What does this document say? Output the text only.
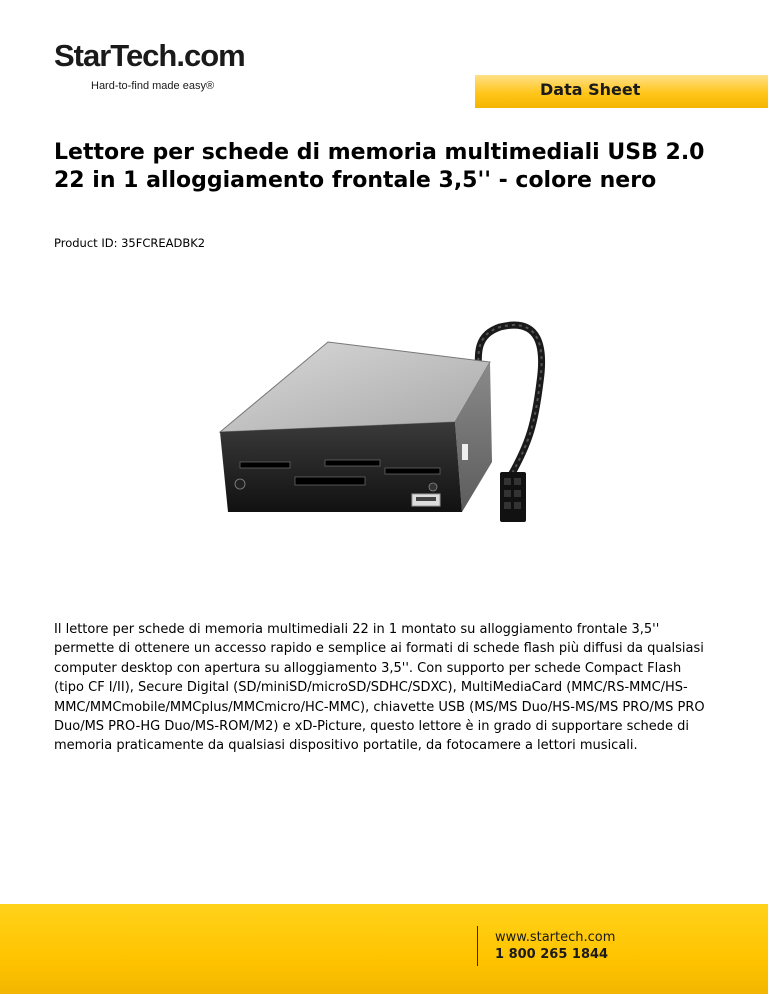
StarTech.com
Hard-to-find made easy®	Data Sheet
Lettore per schede di memoria multimediali USB 2.0 22 in 1 alloggiamento frontale 3,5'' - colore nero

Product ID: 35FCREADBK2

Il lettore per schede di memoria multimediali 22 in 1 montato su alloggiamento frontale 3,5'' permette di ottenere un accesso rapido e semplice ai formati di schede flash più diffusi da qualsiasi computer desktop con apertura su alloggiamento 3,5''. Con supporto per schede Compact Flash (tipo CF I/II), Secure Digital (SD/miniSD/microSD/SDHC/SDXC), MultiMediaCard (MMC/RS-MMC/HS-MMC/MMCmobile/MMCplus/MMCmicro/HC-MMC), chiavette USB (MS/MS Duo/HS-MS/MS PRO/MS PRO Duo/MS PRO-HG Duo/MS-ROM/M2) e xD-Picture, questo lettore è in grado di supportare schede di memoria praticamente da qualsiasi dispositivo portatile, da fotocamere a lettori musicali.

www.startech.com
1 800 265 1844
